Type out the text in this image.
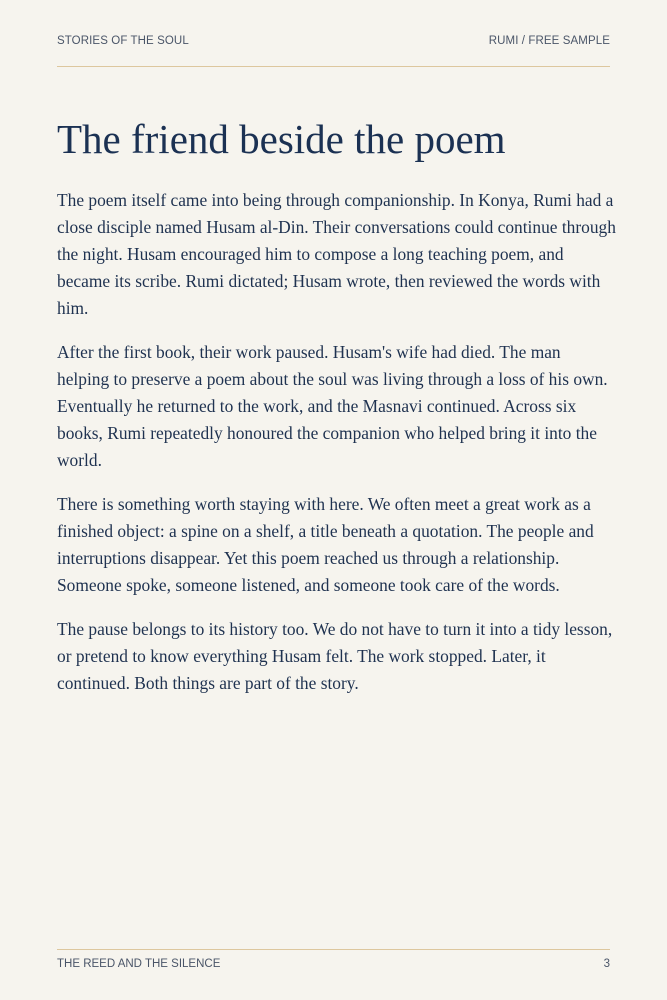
STORIES OF THE SOUL	RUMI / FREE SAMPLE
The friend beside the poem

The poem itself came into being through companionship. In Konya, Rumi had a close disciple named Husam al-Din. Their conversations could continue through the night. Husam encouraged him to compose a long teaching poem, and became its scribe. Rumi dictated; Husam wrote, then reviewed the words with him.

After the first book, their work paused. Husam's wife had died. The man helping to preserve a poem about the soul was living through a loss of his own. Eventually he returned to the work, and the Masnavi continued. Across six books, Rumi repeatedly honoured the companion who helped bring it into the world.

There is something worth staying with here. We often meet a great work as a finished object: a spine on a shelf, a title beneath a quotation. The people and interruptions disappear. Yet this poem reached us through a relationship. Someone spoke, someone listened, and someone took care of the words.

The pause belongs to its history too. We do not have to turn it into a tidy lesson, or pretend to know everything Husam felt. The work stopped. Later, it continued. Both things are part of the story.

THE REED AND THE SILENCE	3
